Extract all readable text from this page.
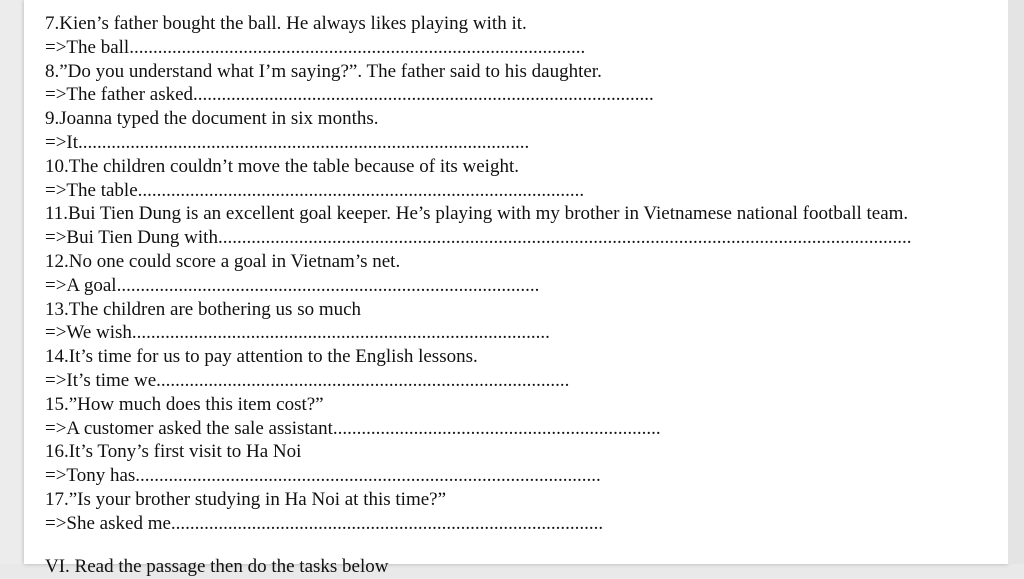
7.Kien’s father bought the ball. He always likes playing with it.
=>The ball................................................................................................
8.”Do you understand what I’m saying?”. The father said to his daughter.
=>The father asked.................................................................................................
9.Joanna typed the document in six months.
=>It...............................................................................................
10.The children couldn’t move the table because of its weight.
=>The table..............................................................................................
11.Bui Tien Dung is an excellent goal keeper. He’s playing with my brother in Vietnamese national football team.
=>Bui Tien Dung with..................................................................................................................................................
12.No one could score a goal in Vietnam’s net.
=>A goal.........................................................................................
13.The children are bothering us so much
=>We wish........................................................................................
14.It’s time for us to pay attention to the English lessons.
=>It’s time we.......................................................................................
15.”How much does this item cost?”
=>A customer asked the sale assistant.....................................................................
16.It’s Tony’s first visit to Ha Noi
=>Tony has..................................................................................................
17.”Is your brother studying in Ha Noi at this time?”
=>She asked me...........................................................................................
VI. Read the passage then do the tasks below
